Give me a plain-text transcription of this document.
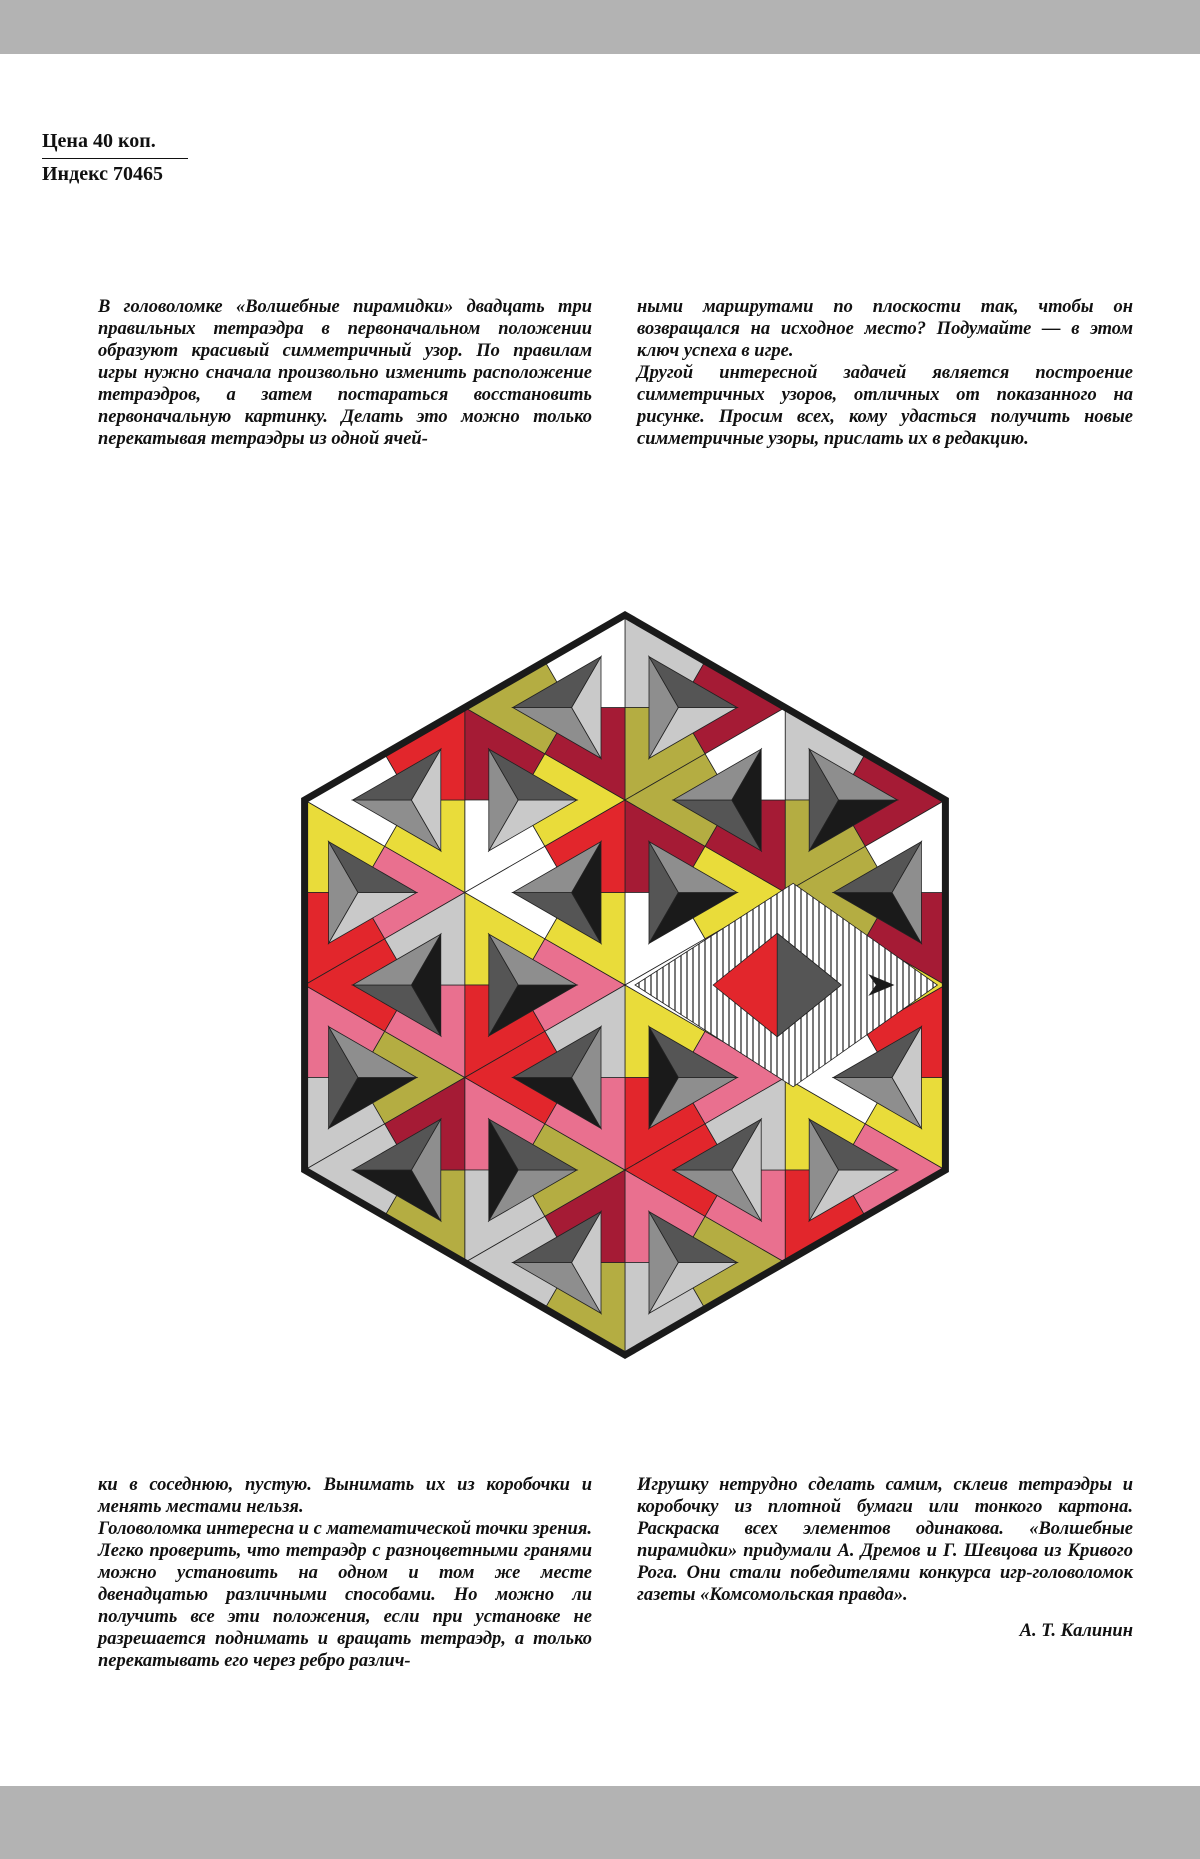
Цена 40 коп.
Индекс 70465

В головоломке «Волшебные пирамидки» двадцать три правильных тетраэдра в первоначальном положении образуют красивый симметричный узор. По правилам игры нужно сначала произвольно изменить расположение тетраэдров, а затем постараться восстановить первоначальную картинку. Делать это можно только перекатывая тетраэдры из одной ячей-

ными маршрутами по плоскости так, чтобы он возвращался на исходное место? Подумайте — в этом ключ успеха в игре.

Другой интересной задачей является построение симметричных узоров, отличных от показанного на рисунке. Просим всех, кому удасться получить новые симметричные узоры, прислать их в редакцию.

ки в соседнюю, пустую. Вынимать их из коробочки и менять местами нельзя.

Головоломка интересна и с математической точки зрения. Легко проверить, что тетраэдр с разноцветными гранями можно установить на одном и том же месте двенадцатью различными способами. Но можно ли получить все эти положения, если при установке не разрешается поднимать и вращать тетраэдр, а только перекатывать его через ребро различ-

Игрушку нетрудно сделать самим, склеив тетраэдры и коробочку из плотной бумаги или тонкого картона. Раскраска всех элементов одинакова. «Волшебные пирамидки» придумали А. Дремов и Г. Шевцова из Кривого Рога. Они стали победителями конкурса игр-головоломок газеты «Комсомольская правда».

А. Т. Калинин
